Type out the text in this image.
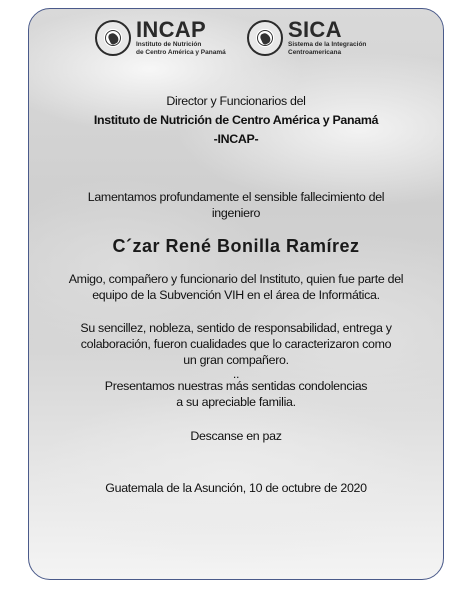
INCAP
Instituto de Nutrición
de Centro América y Panamá
SICA
Sistema de la Integración
Centroamericana

Director y Funcionarios del

Instituto de Nutrición de Centro América y Panamá

-INCAP-

Lamentamos profundamente el sensible fallecimiento del

ingeniero

C´zar René Bonilla Ramírez

Amigo, compañero y funcionario del Instituto, quien fue parte del

equipo de la Subvención VIH en el área de Informática.

Su sencillez, nobleza, sentido de responsabilidad, entrega y

colaboración, fueron cualidades que lo caracterizaron como

un gran compañero.

..

Presentamos nuestras más sentidas condolencias

a su apreciable familia.

Descanse en paz

Guatemala de la Asunción, 10 de octubre de 2020
